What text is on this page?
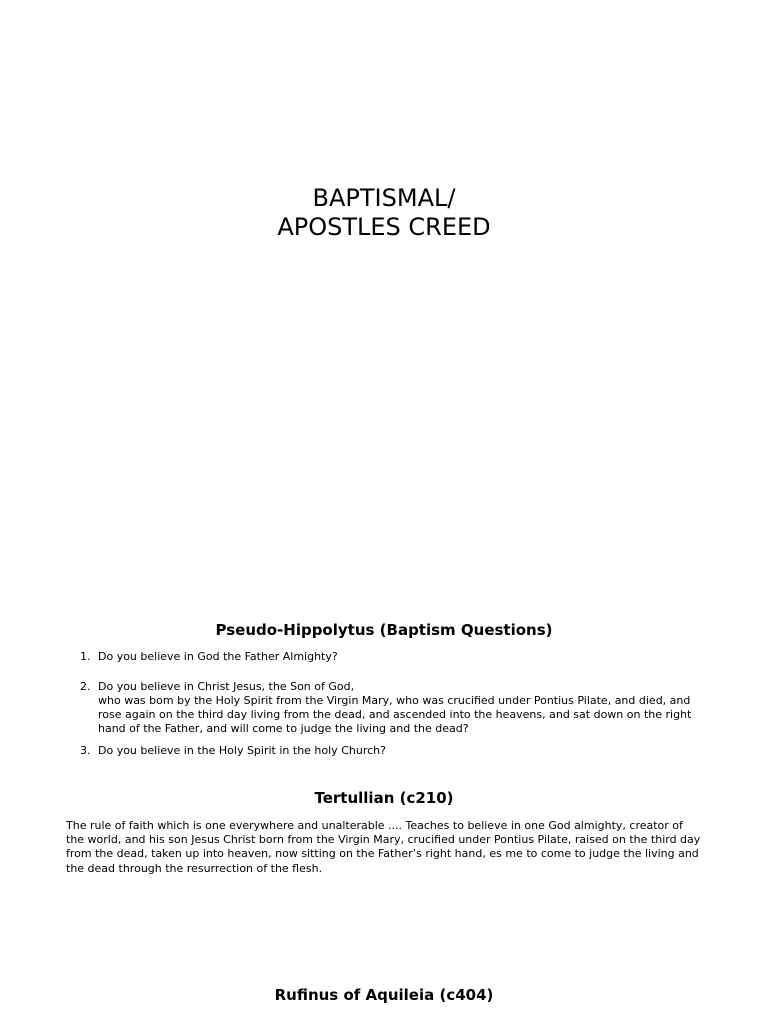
BAPTISMAL/
APOSTLES CREED
Pseudo-Hippolytus (Baptism Questions)
1. Do you believe in God the Father Almighty?
2. Do you believe in Christ Jesus, the Son of God,
who was bom by the Holy Spirit from the Virgin Mary, who was crucified under Pontius Pilate, and died, and
rose again on the third day living from the dead, and ascended into the heavens, and sat down on the right
hand of the Father, and will come to judge the living and the dead?
3. Do you believe in the Holy Spirit in the holy Church?
Tertullian (c210)
The rule of faith which is one everywhere and unalterable .... Teaches to believe in one God almighty, creator of
the world, and his son Jesus Christ born from the Virgin Mary, crucified under Pontius Pilate, raised on the third day
from the dead, taken up into heaven, now sitting on the Father’s right hand, es me to come to judge the living and
the dead through the resurrection of the flesh.
Rufinus of Aquileia (c404)
